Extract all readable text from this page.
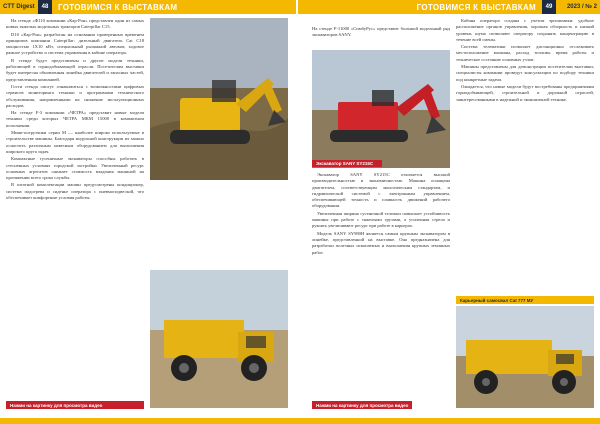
CTT Digest	48	ГОТОВИМСЯ К ВЫСТАВКАМ	ГОТОВИМСЯ К ВЫСТАВКАМ	49	2023 / № 2

На стенде «Ф110 компании «Кар-Рон» представлен один из самых новых тяжелых модельных тракторов Caterpillar C15.

D10 «Кар-Рон» разработан на основании проверенных временем принципов компании Caterpillar: дизельный двигатель Cat C18 мощностью 1X10 кВт, специальный рычажной автомат, ходовое рамное устройство и система управления в кабине оператора.

В стенде будут представлены и другие модели техники, работающей в горнодобывающей отрасли. Посетителям выставки будет интересна обновленная линейка двигателей и запасных частей, представленная компанией.

Гости стенда смогут ознакомиться с возможностями цифровых сервисов мониторинга техники и программами технического обслуживания, направленными на снижение эксплуатационных расходов.

На стенде F-3 компании «ЧЕТРА» представит новые модели техники среди которых ЧЕТРА МКМ 15000 в компактном исполнении.

Мини-погрузчики серии М — наиболее широко используемые в строительстве машины. Благодаря модульной конструкции их можно оснастить различным навесным оборудованием для выполнения широкого круга задач.

Компактные гусеничные экскаваторы способны работать в стесненных условиях городской застройки. Увеличенный ресурс основных агрегатов снижает стоимость владения машиной на протяжении всего срока службы.

В штатной комплектации машин предусмотрены кондиционер, система подогрева и сиденье оператора с пневмоподвеской, что обеспечивает комфортные условия работы.

Нажми на картинку для просмотра видео

На стенде F-11000 «СимбуРус» представит большой модельный ряд экскаваторов SANY.

Экскаватор SANY SY215C

Экскаватор SANY SY215C отличается высокой производительностью и экономичностью. Машина оснащена двигателем, соответствующим экологическим стандартам, и гидравлической системой с электронным управлением, обеспечивающей точность и плавность движений рабочего оборудования.

Увеличенная ширина гусеничной тележки повышает устойчивость машины при работе с тяжелыми грузами, а усиленная стрела и рукоять увеличивают ресурс при работе в карьерах.

Модель SANY SY980H является самым крупным экскаватором в линейке, представленной на выставке. Она предназначена для разработки полезных ископаемых и выполнения крупных земляных работ.

Кабина оператора создана с учетом эргономики: удобное расположение органов управления, хорошая обзорность и низкий уровень шума позволяют оператору сохранять концентрацию в течение всей смены.

Система телематики позволяет дистанционно отслеживать местоположение машины, расход топлива, время работы и техническое состояние основных узлов.

Машины представлены для демонстрации посетителям выставки; специалисты компании проведут консультации по подбору техники под конкретные задачи.

Ожидается, что новые модели будут востребованы предприятиями горнодобывающей, строительной и дорожной отраслей, заинтересованными в надежной и экономичной технике.

Карьерный самосвал Cat 777 МУ
Нажми на картинку для просмотра видео
